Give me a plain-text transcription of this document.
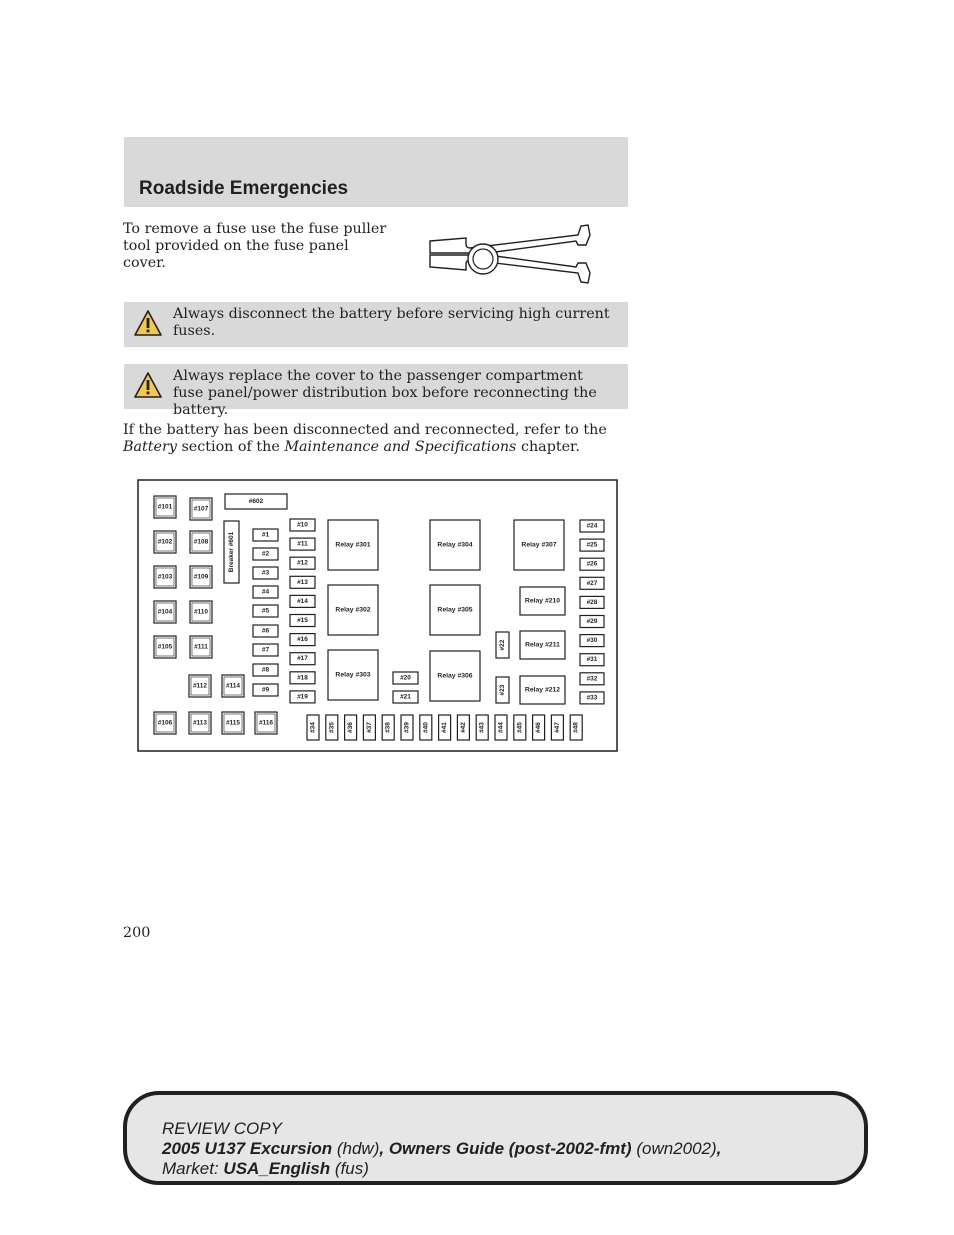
Roadside Emergencies
To remove a fuse use the fuse puller tool provided on the fuse panel cover.
Always disconnect the battery before servicing high current fuses.
Always replace the cover to the passenger compartment fuse panel/power distribution box before reconnecting the battery.
If the battery has been disconnected and reconnected, refer to the Battery section of the Maintenance and Specifications chapter.
#101
#102
#103
#104
#105
#106
#107
#108
#109
#110
#111
#112
#113
#114
#115	#116
#602
Breaker #601	#1
#2
#3
#4
#5
#6
#7
#8
#9
#10
#11
#12
#13
#14
#15
#16
#17
#18
#19
#20
#21
#22
#23
#24
#25
#26
#27
#28
#29
#30
#31
#32
#33
#34 #35 #36 #37 #38 #39 #40 #41 #42 #43 #44 #45 #46 #47 #48
Relay #301
Relay #302
Relay #303
Relay #304
Relay #305
Relay #306
Relay #307
Relay #210
Relay #211
Relay #212
200
REVIEW COPY
2005 U137 Excursion (hdw), Owners Guide (post-2002-fmt) (own2002),
Market: USA_English (fus)
